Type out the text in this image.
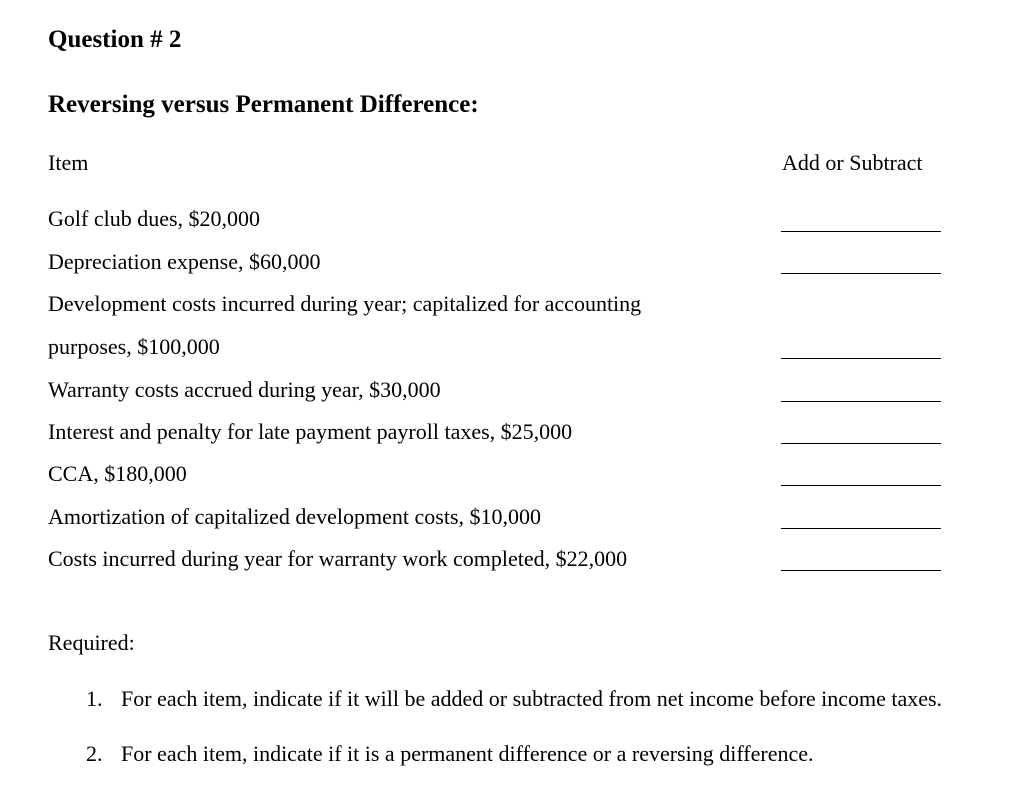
Question # 2
Reversing versus Permanent Difference:
Item	Add or Subtract
Golf club dues, $20,000
Depreciation expense, $60,000
Development costs incurred during year; capitalized for accounting
purposes, $100,000
Warranty costs accrued during year, $30,000
Interest and penalty for late payment payroll taxes, $25,000
CCA, $180,000
Amortization of capitalized development costs, $10,000
Costs incurred during year for warranty work completed, $22,000
Required:
1. For each item, indicate if it will be added or subtracted from net income before income taxes.
2. For each item, indicate if it is a permanent difference or a reversing difference.
